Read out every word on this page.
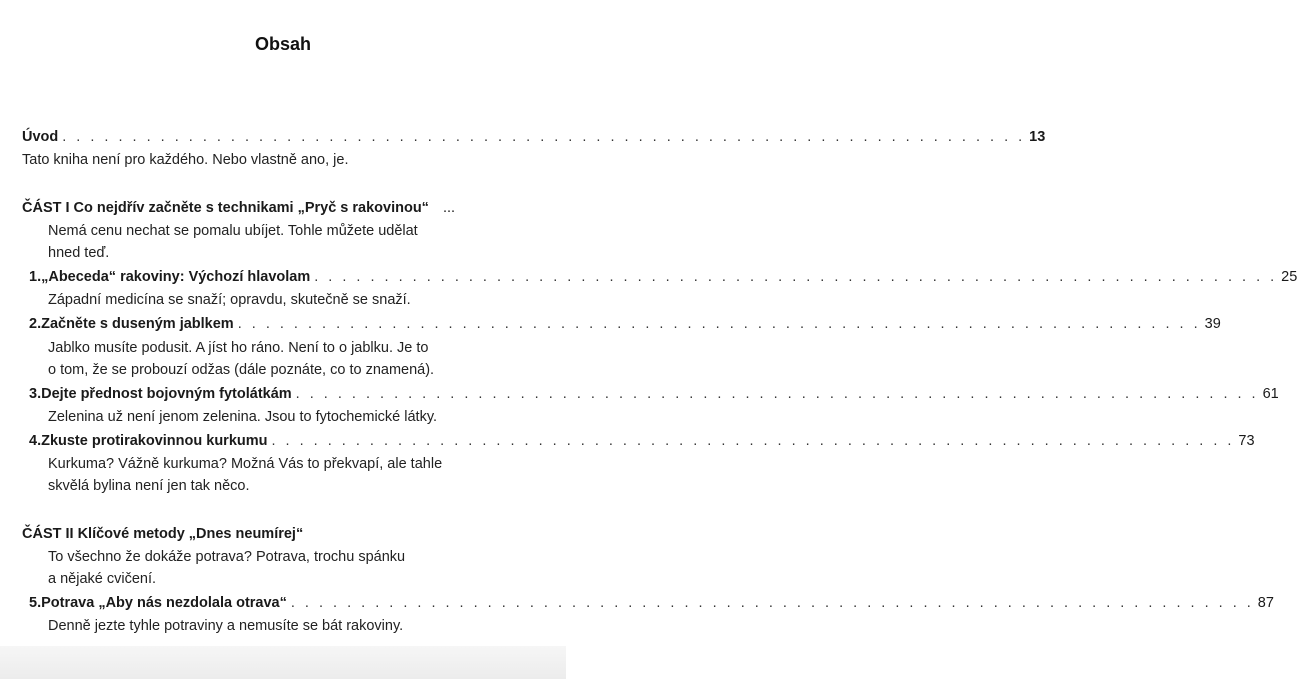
Obsah
Úvod . . . . . . . . . . . . . . . . . . . . . . . . . . . . . . . . . . . . . . . . . . . . . . . . . . . . . . . . . . . . . . . . . . . . . 13
Tato kniha není pro každého. Nebo vlastně ano, je.
ČÁST I Co nejdřív začněte s technikami „Pryč s rakovinou“ ...
Nemá cenu nechat se pomalu ubíjet. Tohle můžete udělat
hned teď.
1. „Abeceda“ rakoviny: Výchozí hlavolam . . . . . . . . . . . . . . . . . . . . . . . . . . . . . . . . . . . . . . . . . . . . . . . . . . . . . . . . . . . . . . . . . . . . . 25
Západní medicína se snaží; opravdu, skutečně se snaží.
2. Začněte s duseným jablkem . . . . . . . . . . . . . . . . . . . . . . . . . . . . . . . . . . . . . . . . . . . . . . . . . . . . . . . . . . . . . . . . . . . . . 39
Jablko musíte podusit. A jíst ho ráno. Není to o jablku. Je to
o tom, že se probouzí odžas (dále poznáte, co to znamená).
3. Dejte přednost bojovným fytolátkám . . . . . . . . . . . . . . . . . . . . . . . . . . . . . . . . . . . . . . . . . . . . . . . . . . . . . . . . . . . . . . . . . . . . . 61
Zelenina už není jenom zelenina. Jsou to fytochemické látky.
4. Zkuste protirakovinnou kurkumu . . . . . . . . . . . . . . . . . . . . . . . . . . . . . . . . . . . . . . . . . . . . . . . . . . . . . . . . . . . . . . . . . . . . . 73
Kurkuma? Vážně kurkuma? Možná Vás to překvapí, ale tahle
skvělá bylina není jen tak něco.
ČÁST II Klíčové metody „Dnes neumírej“
To všechno že dokáže potrava? Potrava, trochu spánku
a nějaké cvičení.
5. Potrava „Aby nás nezdolala otrava“ . . . . . . . . . . . . . . . . . . . . . . . . . . . . . . . . . . . . . . . . . . . . . . . . . . . . . . . . . . . . . . . . . . . . . 87
Denně jezte tyhle potraviny a nemusíte se bát rakoviny.
